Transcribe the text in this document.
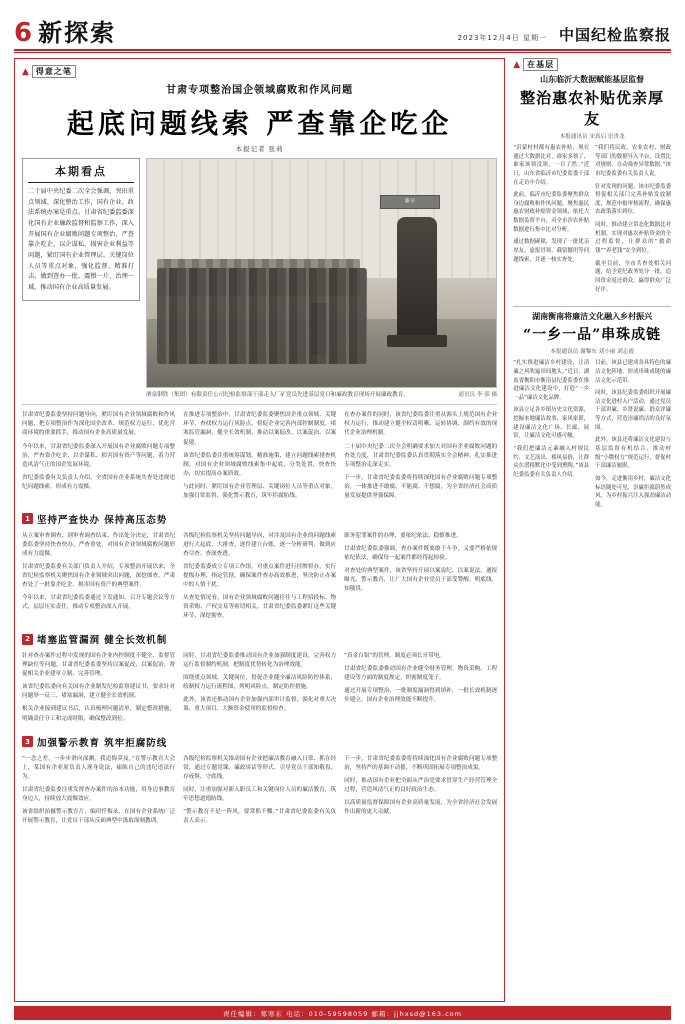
6 新探索	2023年12月4日 星期一 中国纪检监察报
▲ 得意之笔
甘肃专项整治国企领域腐败和作风问题
起底问题线索 严查靠企吃企
本报记者 张莉
本期看点
二十届中央纪委二次全会强调，突出重点领域、深化整治工作，国有企业、政法系统办案是重点。甘肃省纪委监委深化国有企业廉政监督和监察工作，深入开展国有企业腐败问题专项整治，严查靠企吃企、以企谋私、损害企业利益等问题，紧盯国有企业管理层、关键岗位人员等重点对象，强化监督、精准打击，做到查办一批、震慑一片、治理一域，推动国有企业高质量发展。
廉洁
酒泉钢铁（集团）有限责任公司纪检监察部干部走入厂矿党员先进基层党日和廉政教育现场开展廉政教育。	通讯员 李 强 摄

甘肃省纪委监委坚持问题导向，紧盯国有企业领域腐败和作风问题，把专项整治作为深化国企改革、规范权力运行、优化营商环境的重要抓手，推动国有企业高质量发展。

今年以来，甘肃省纪委监委深入开展国有企业腐败问题专项整治，严查靠企吃企、以企谋私、损害国有资产等问题，着力营造风清气正的国企发展环境。

省纪委监委有关负责人介绍，全省国有企业系统共查处违规违纪问题线索，形成有力震慑。

在推进专项整治中，甘肃省纪委监委聚焦国企重点领域、关键环节，查找权力运行风险点，督促企业完善内部控制制度，堵塞监管漏洞，健全长效机制，推动以案促改、以案促治、以案促建。

该省纪委监委注重统筹谋划、精准施策，建立问题线索排查机制，对国有企业领域腐败线索集中起底，分类处置，快查快办，切实提高办案质效。

与此同时，紧盯国有企业管理层、关键岗位人员等重点对象，加强日常监督，强化警示教育，筑牢拒腐防线。

在查办案件的同时，该省纪委监委注重从源头上规范国有企业权力运行，推动建立健全权责明晰、运转协调、制约有效的现代企业治理机制。

二十届中央纪委二次全会明确要求加大对国有企业腐败问题的查处力度，甘肃省纪委监委认真贯彻落实全会精神，扎实推进专项整治走深走实。

下一步，甘肃省纪委监委将持续深化国有企业腐败问题专项整治，一体推进不敢腐、不能腐、不想腐，为全省经济社会高质量发展提供坚强保障。

1 坚持严查快办 保持高压态势

从立案审查调查、到审查调查结束、作出处分决定，甘肃省纪委监委坚持快查快办、严查重处，对国有企业领域腐败问题形成有力震慑。

甘肃省纪委监委有关部门负责人介绍，专项整治开展以来，全省纪检监察机关聚焦国有企业领域突出问题，深挖细查，严肃查处了一批靠企吃企、损害国有资产的典型案件。

今年以来，甘肃省纪委监委通过下发通知、召开专题会议等方式，层层压实责任，推动专项整治深入开展。

各级纪检监察机关坚持问题导向，对涉及国有企业的问题线索进行大起底、大排查，逐件建立台账，逐一分析研判，做到应查尽查、查深查透。

省纪委监委成立专项工作组，对重点案件进行挂牌督办，实行提级办理、指定管辖，确保案件查办高效推进，坚决防止办案中的人情干扰。

从查处情况看，国有企业领域腐败问题往往与工程招投标、物资采购、产权交易等密切相关，甘肃省纪委监委紧盯这些关键环节，深挖彻查。

职务犯罪案件的办理，要依纪依法、稳慎推进。

甘肃省纪委监委强调，查办案件既要敢于斗争，又要严格依规依纪依法，确保每一起案件都经得起检验。

对查处的典型案件，该省坚持开展以案说纪、以案说法，通报曝光、警示教育，让广大国有企业党员干部受警醒、明底线、知敬畏。

2 堵塞监管漏洞 健全长效机制

针对查办案件过程中发现的国有企业内控制度不健全、监督管理缺位等问题，甘肃省纪委监委坚持以案促改、以案促治，督促相关企业建章立制、完善管理。

该省纪委监委向有关国有企业制发纪检监察建议书，要求针对问题举一反三、堵塞漏洞，建立健全长效机制。

相关企业接到建议书后，认真梳理问题清单，制定整改措施，明确责任分工和完成时限，确保整改到位。

同时，甘肃省纪委监委推动国有企业加强制度建设，完善权力运行监督制约机制，把制度优势转化为治理效能。

围绕重点领域、关键岗位，督促企业健全廉洁风险防控体系，绘制权力运行流程图，列明风险点，制定防控措施。

此外，该省还推动国有企业加强内部审计监督，强化对重大决策、重大项目、大额资金使用的监督检查。

“真金白银”的管理，制度必须长牙带电。

甘肃省纪委监委推动国有企业健全财务管理、物资采购、工程建设等方面的制度规定，织密制度笼子。

通过开展专项整治，一批制度漏洞得到填补，一批长效机制逐步建立，国有企业治理效能不断提升。

3 加强警示教育 筑牢拒腐防线

“一念之差，一步步滑向深渊，我追悔莫及。”在警示教育大会上，某国有企业原负责人现身说法，痛陈自己的违纪违法行为。

甘肃省纪委监委注重发挥查办案件的治本功能，用身边事教育身边人，持续放大震慑效应。

该省组织拍摄警示教育片，编印忏悔录，在国有企业系统广泛开展警示教育，让党员干部从反面典型中汲取深刻教训。

各级纪检监察机关推动国有企业把廉洁教育融入日常、抓在经常，通过专题党课、廉政谈话等形式，引导党员干部知敬畏、存戒惧、守底线。

同时，注重加强对新入职员工和关键岗位人员的廉洁教育，筑牢思想道德防线。

“警示教育不是一阵风，要常抓不懈。”甘肃省纪委监委有关负责人表示。

下一步，甘肃省纪委监委将持续深化国有企业腐败问题专项整治，坚持严的基调不动摇，不断巩固拓展专项整治成果。

同时，推动国有企业把全面从严治党要求贯穿生产经营管理全过程，营造风清气正的良好政治生态。

以高质量监督保障国有企业高质量发展，为全省经济社会发展作出新的更大贡献。

▲ 在基层
山东临沂大数据赋能基层监督
整治惠农补贴优亲厚友
本报通讯员 宋真启 崇贵龙

“沂蒙村村都有惠农补贴，现在通过大数据比对，谁家多领了、谁家该领没领，一目了然。”近日，山东省临沂市纪委监委干部在走访中介绍。

此前，临沂市纪委监委聚焦群众身边腐败和作风问题，聚焦惠民惠农财政补贴资金领域，依托大数据监督平台，对全市涉农补贴数据进行集中比对分析。

通过数据碰撞，发现了一批优亲厚友、虚报冒领、截留挪用等问题线索，并逐一核实查处。

“我们将民政、农业农村、财政等部门的数据导入平台，设置比对规则，自动筛查异常数据。”该市纪委监委有关负责人说。

针对发现的问题，该市纪委监委督促相关部门完善补贴发放制度，规范申报审核流程，确保惠农政策落实到位。

同时，推动建立常态化数据比对机制，实现对惠农补贴资金的全过程监督，让群众的“救命钱”“养老钱”安全到位。

截至目前，全市共查处相关问题，给予党纪政务处分一批，追回资金返还群众，赢得群众广泛好评。

湖南衡南将廉洁文化融入乡村振兴
“一乡一品”串珠成链
本报通讯员 谢黎东 刘小丽 刘志霞

“扎实推进廉洁乡村建设，让清廉之风吹遍田间地头。”近日，湖南省衡阳市衡南县纪委监委在推进廉洁文化建设中，打造“一乡一品”廉洁文化品牌。

该县立足各乡镇历史文化资源，挖掘本地廉洁故事、家风家训，建设廉洁文化广场、长廊、展馆，让廉洁文化可感可触。

“我们把廉洁元素融入村规民约、文艺演出、移风易俗，让群众在潜移默化中受到熏陶。”该县纪委监委有关负责人介绍。

目前，该县已建成各具特色的廉洁文化阵地，形成串珠成链的廉洁文化示范带。

同时，该县纪委监委组织开展廉洁文化进村入户活动，通过党员干部讲廉、乡贤说廉、群众评廉等方式，营造崇廉尚洁的良好氛围。

此外，该县还将廉洁文化建设与基层监督有机结合，推动村级“小微权力”规范运行，督促村干部廉洁履职。

如今，走进衡南乡村，廉洁文化标语随处可见，崇廉拒腐蔚然成风，为乡村振兴注入强劲廉洁动能。

责任编辑：郑寒东 电话：010-59598059 邮箱：jjhxsd@163.com
